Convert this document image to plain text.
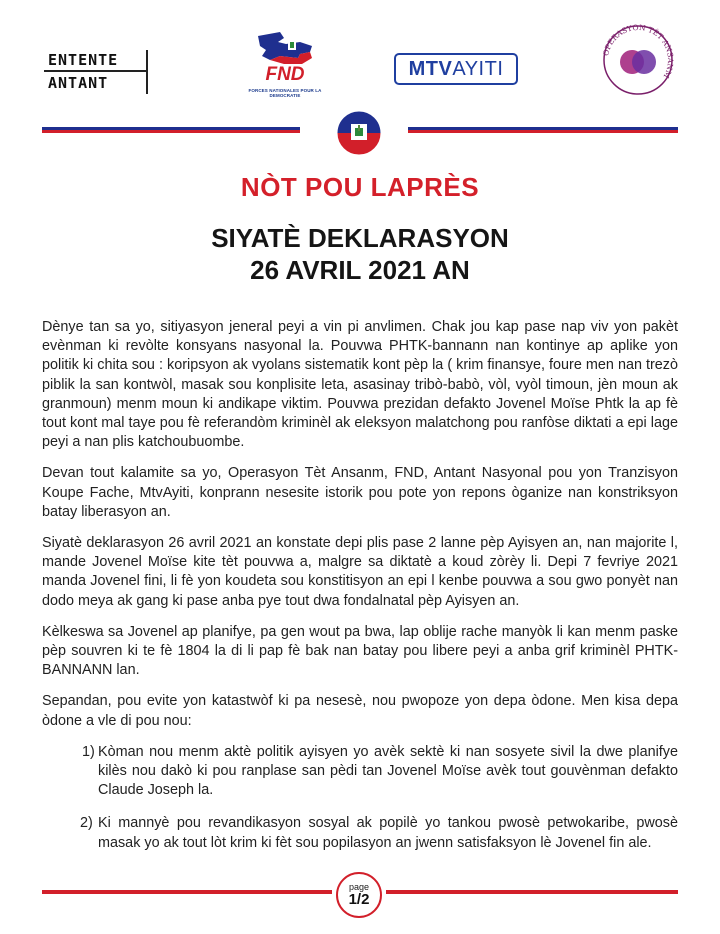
ENTENTE
ANTANT	FND
FORCES NATIONALES POUR LA DEMOCRATIE
MTVAYITI
OPERASYON TÈT ANSANM
NÒT POU LAPRÈS
SIYATÈ DEKLARASYON
26 AVRIL 2021 AN

Dènye tan sa yo, sitiyasyon jeneral peyi a vin pi anvlimen. Chak jou kap pase nap viv yon pakèt evènman ki revòlte konsyans nasyonal la. Pouvwa PHTK-bannann nan kontinye ap aplike yon politik ki chita sou : koripsyon ak vyolans sistematik kont pèp la ( krim finansye, foure men nan trezò piblik la san kontwòl, masak sou konplisite leta, asasinay tribò-babò, vòl, vyòl timoun, jèn moun ak granmoun) menm moun ki andikape viktim. Pouvwa prezidan defakto Jovenel Moïse Phtk la ap fè tout kont mal taye pou fè referandòm kriminèl ak eleksyon malatchong pou ranfòse diktati a epi lage peyi a nan plis katchoubuombe.

Devan tout kalamite sa yo, Operasyon Tèt Ansanm, FND, Antant Nasyonal pou yon Tranzisyon Koupe Fache, MtvAyiti, konprann nesesite istorik pou pote yon repons òganize nan konstriksyon batay liberasyon an.

Siyatè deklarasyon 26 avril 2021 an konstate depi plis pase 2 lanne pèp Ayisyen an, nan majorite l, mande Jovenel Moïse kite tèt pouvwa a, malgre sa diktatè a koud zòrèy li. Depi 7 fevriye 2021 manda Jovenel fini, li fè yon koudeta sou konstitisyon an epi l kenbe pouvwa a sou gwo ponyèt nan dodo meya ak gang ki pase anba pye tout dwa fondalnatal pèp Ayisyen an.

Kèlkeswa sa Jovenel ap planifye, pa gen wout pa bwa, lap oblije rache manyòk li kan menm paske pèp souvren ki te fè 1804 la di li pap fè bak nan batay pou libere peyi a anba grif kriminèl PHTK-BANNANN lan.

Sepandan, pou evite yon katastwòf ki pa nesesè, nou pwopoze yon depa òdone. Men kisa depa òdone a vle di pou nou:

1) Kòman nou menm aktè politik ayisyen yo avèk sektè ki nan sosyete sivil la dwe planifye kilès nou dakò ki pou ranplase san pèdi tan Jovenel Moïse avèk tout gouvènman defakto Claude Joseph la.
2) Ki mannyè pou revandikasyon sosyal ak popilè yo tankou pwosè petwokaribe, pwosè masak yo ak tout lòt krim ki fèt sou popilasyon an jwenn satisfaksyon lè Jovenel fin ale.
page
1/2
